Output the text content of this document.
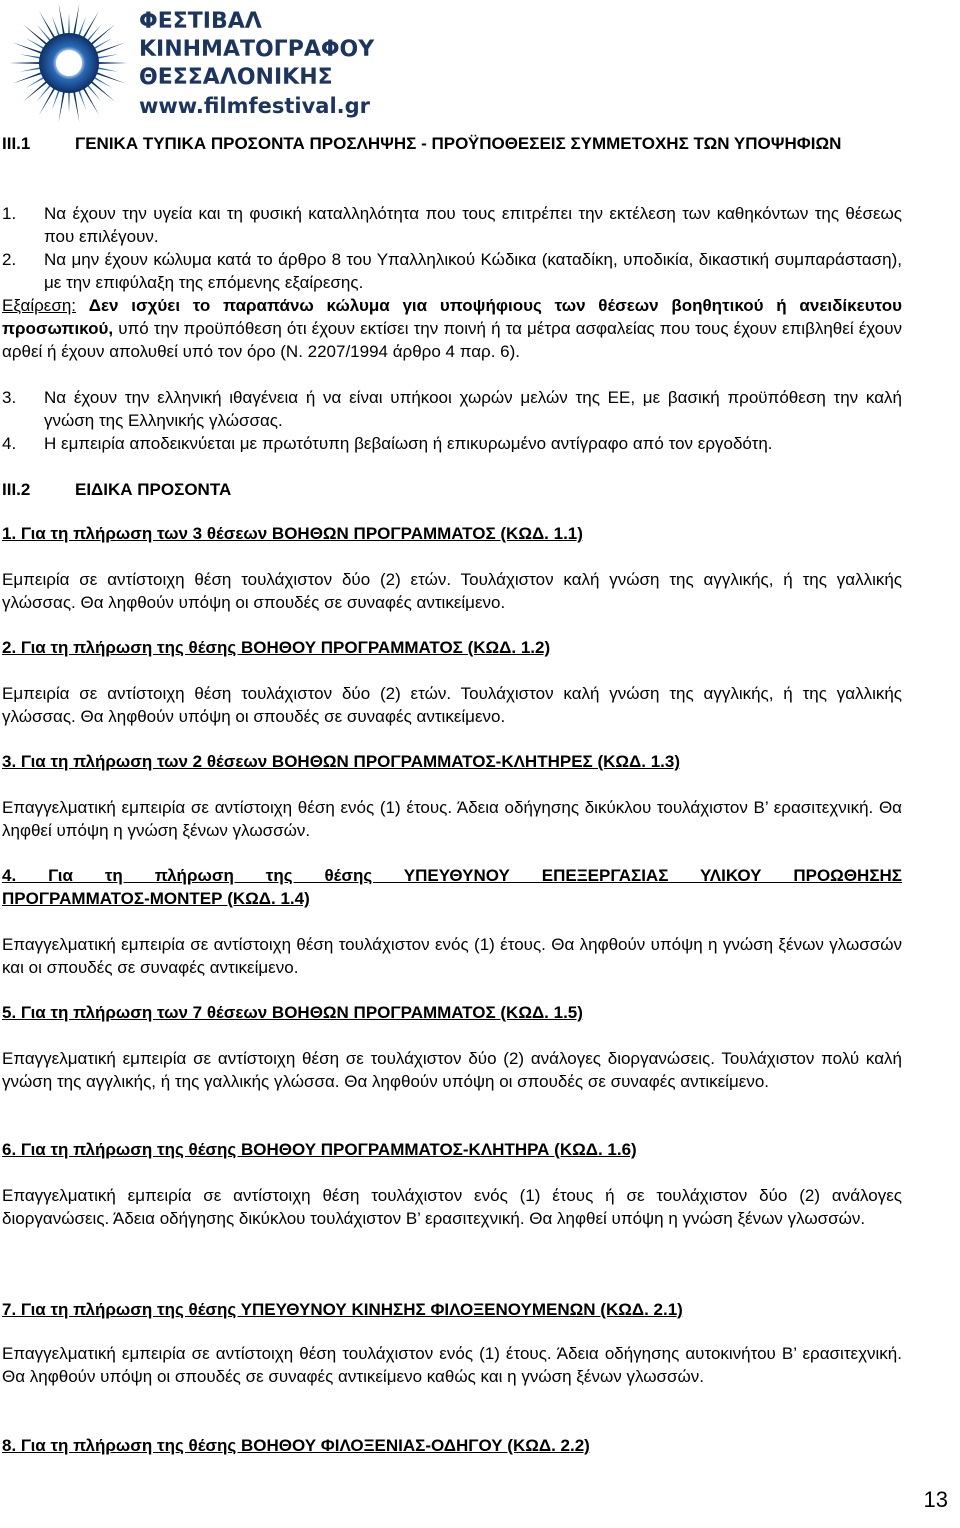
ΦΕΣΤΙΒΑΛ
ΚΙΝΗΜΑΤΟΓΡΑΦΟΥ
ΘΕΣΣΑΛΟΝΙΚΗΣ
www.filmfestival.gr
III.1	ΓΕΝΙΚΑ ΤΥΠΙΚΑ ΠΡΟΣΟΝΤΑ ΠΡΟΣΛΗΨΗΣ - ΠΡΟΫΠΟΘΕΣΕΙΣ ΣΥΜΜΕΤΟΧΗΣ ΤΩΝ ΥΠΟΨΗΦΙΩΝ
1. Να έχουν την υγεία και τη φυσική καταλληλότητα που τους επιτρέπει την εκτέλεση των καθηκόντων της θέσεως που επιλέγουν.
2. Να μην έχουν κώλυμα κατά το άρθρο 8 του Υπαλληλικού Κώδικα (καταδίκη, υποδικία, δικαστική συμπαράσταση), με την επιφύλαξη της επόμενης εξαίρεσης.
Εξαίρεση: Δεν ισχύει το παραπάνω κώλυμα για υποψήφιους των θέσεων βοηθητικού ή ανειδίκευτου προσωπικού, υπό την προϋπόθεση ότι έχουν εκτίσει την ποινή ή τα μέτρα ασφαλείας που τους έχουν επιβληθεί έχουν αρθεί ή έχουν απολυθεί υπό τον όρο (Ν. 2207/1994 άρθρο 4 παρ. 6).
3. Να έχουν την ελληνική ιθαγένεια ή να είναι υπήκοοι χωρών μελών της ΕΕ, με βασική προϋπόθεση την καλή γνώση της Ελληνικής γλώσσας.
4. Η εμπειρία αποδεικνύεται με πρωτότυπη βεβαίωση ή επικυρωμένο αντίγραφο από τον εργοδότη.
III.2	ΕΙΔΙΚΑ ΠΡΟΣΟΝΤΑ
1. Για τη πλήρωση των 3 θέσεων ΒΟΗΘΩΝ ΠΡΟΓΡΑΜΜΑΤΟΣ (ΚΩΔ. 1.1)
Εμπειρία σε αντίστοιχη θέση τουλάχιστον δύο (2) ετών. Τουλάχιστον καλή γνώση της αγγλικής, ή της γαλλικής γλώσσας. Θα ληφθούν υπόψη οι σπουδές σε συναφές αντικείμενο.
2. Για τη πλήρωση της θέσης ΒΟΗΘΟΥ ΠΡΟΓΡΑΜΜΑΤΟΣ (ΚΩΔ. 1.2)
Εμπειρία σε αντίστοιχη θέση τουλάχιστον δύο (2) ετών. Τουλάχιστον καλή γνώση της αγγλικής, ή της γαλλικής γλώσσας. Θα ληφθούν υπόψη οι σπουδές σε συναφές αντικείμενο.
3. Για τη πλήρωση των 2 θέσεων ΒΟΗΘΩΝ ΠΡΟΓΡΑΜΜΑΤΟΣ-ΚΛΗΤΗΡΕΣ (ΚΩΔ. 1.3)
Επαγγελματική εμπειρία σε αντίστοιχη θέση ενός (1) έτους. Άδεια οδήγησης δικύκλου τουλάχιστον Β’ ερασιτεχνική. Θα ληφθεί υπόψη η γνώση ξένων γλωσσών.
4. Για τη πλήρωση της θέσης ΥΠΕΥΘΥΝΟΥ ΕΠΕΞΕΡΓΑΣΙΑΣ ΥΛΙΚΟΥ ΠΡΟΩΘΗΣΗΣ
ΠΡΟΓΡΑΜΜΑΤΟΣ-ΜΟΝΤΕΡ (ΚΩΔ. 1.4)
Επαγγελματική εμπειρία σε αντίστοιχη θέση τουλάχιστον ενός (1) έτους. Θα ληφθούν υπόψη η γνώση ξένων γλωσσών και οι σπουδές σε συναφές αντικείμενο.
5. Για τη πλήρωση των 7 θέσεων ΒΟΗΘΩΝ ΠΡΟΓΡΑΜΜΑΤΟΣ (ΚΩΔ. 1.5)
Επαγγελματική εμπειρία σε αντίστοιχη θέση σε τουλάχιστον δύο (2) ανάλογες διοργανώσεις. Τουλάχιστον πολύ καλή γνώση της αγγλικής, ή της γαλλικής γλώσσα. Θα ληφθούν υπόψη οι σπουδές σε συναφές αντικείμενο.
6. Για τη πλήρωση της θέσης ΒΟΗΘΟΥ ΠΡΟΓΡΑΜΜΑΤΟΣ-ΚΛΗΤΗΡΑ (ΚΩΔ. 1.6)
Επαγγελματική εμπειρία σε αντίστοιχη θέση τουλάχιστον ενός (1) έτους ή σε τουλάχιστον δύο (2) ανάλογες διοργανώσεις. Άδεια οδήγησης δικύκλου τουλάχιστον Β’ ερασιτεχνική. Θα ληφθεί υπόψη η γνώση ξένων γλωσσών.
7. Για τη πλήρωση της θέσης ΥΠΕΥΘΥΝΟΥ ΚΙΝΗΣΗΣ ΦΙΛΟΞΕΝΟΥΜΕΝΩΝ (ΚΩΔ. 2.1)
Επαγγελματική εμπειρία σε αντίστοιχη θέση τουλάχιστον ενός (1) έτους. Άδεια οδήγησης αυτοκινήτου Β’ ερασιτεχνική. Θα ληφθούν υπόψη οι σπουδές σε συναφές αντικείμενο καθώς και η γνώση ξένων γλωσσών.
8. Για τη πλήρωση της θέσης ΒΟΗΘΟΥ ΦΙΛΟΞΕΝΙΑΣ-ΟΔΗΓΟΥ (ΚΩΔ. 2.2)
13
